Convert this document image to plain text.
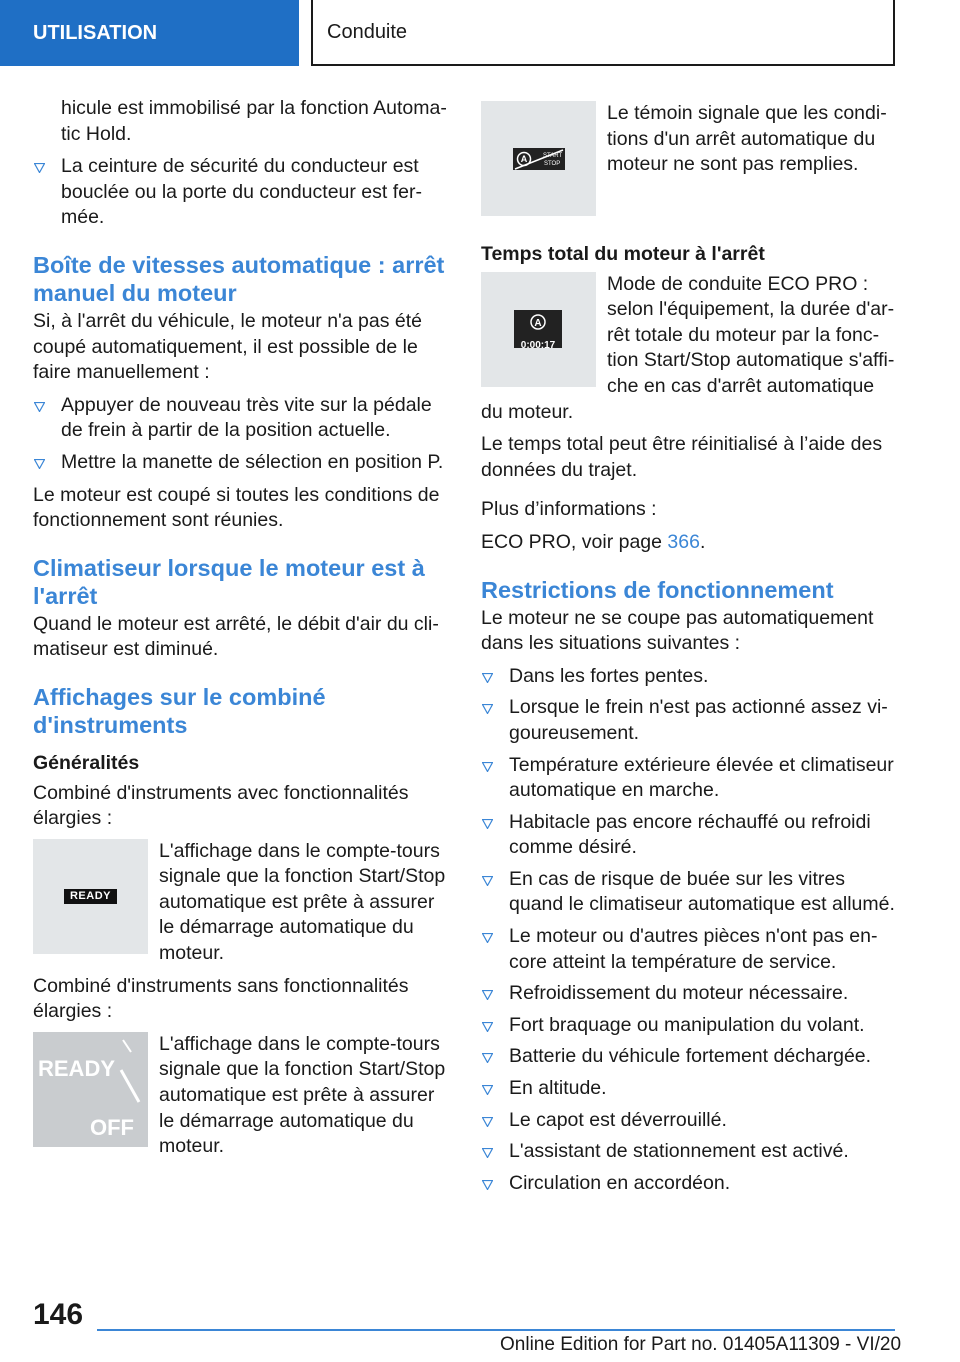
UTILISATION	Conduite
hicule est immobilisé par la fonction Automatic Hold.
La ceinture de sécurité du conducteur est bouclée ou la porte du conducteur est fermée.
Boîte de vitesses automatique : arrêt manuel du moteur
Si, à l'arrêt du véhicule, le moteur n'a pas été coupé automatiquement, il est possible de le faire manuellement :
Appuyer de nouveau très vite sur la pédale de frein à partir de la position actuelle.
Mettre la manette de sélection en position P.
Le moteur est coupé si toutes les conditions de fonctionnement sont réunies.
Climatiseur lorsque le moteur est à l'arrêt
Quand le moteur est arrêté, le débit d'air du climatiseur est diminué.
Affichages sur le combiné d'instruments
Généralités
Combiné d'instruments avec fonctionnalités élargies :
READY
L'affichage dans le compte-tours signale que la fonction Start/Stop automatique est prête à assurer le démarrage automatique du moteur.
Combiné d'instruments sans fonctionnalités élargies :
READY
OFF
L'affichage dans le compte-tours signale que la fonction Start/Stop automatique est prête à assurer le démarrage automatique du moteur.
A	START
STOP
Le témoin signale que les conditions d'un arrêt automatique du moteur ne sont pas remplies.
Temps total du moteur à l'arrêt
A
0:00:17
Mode de conduite ECO PRO : selon l'équipement, la durée d'arrêt totale du moteur par la fonction Start/Stop automatique s'affiche en cas d'arrêt automatique du moteur.
Le temps total peut être réinitialisé à l’aide des données du trajet.
Plus d’informations :
ECO PRO, voir page 366.
Restrictions de fonctionnement
Le moteur ne se coupe pas automatiquement dans les situations suivantes :
Dans les fortes pentes.
Lorsque le frein n'est pas actionné assez vigoureusement.
Température extérieure élevée et climatiseur automatique en marche.
Habitacle pas encore réchauffé ou refroidi comme désiré.
En cas de risque de buée sur les vitres quand le climatiseur automatique est allumé.
Le moteur ou d'autres pièces n'ont pas encore atteint la température de service.
Refroidissement du moteur nécessaire.
Fort braquage ou manipulation du volant.
Batterie du véhicule fortement déchargée.
En altitude.
Le capot est déverrouillé.
L'assistant de stationnement est activé.
Circulation en accordéon.
146
Online Edition for Part no. 01405A11309 - VI/20
